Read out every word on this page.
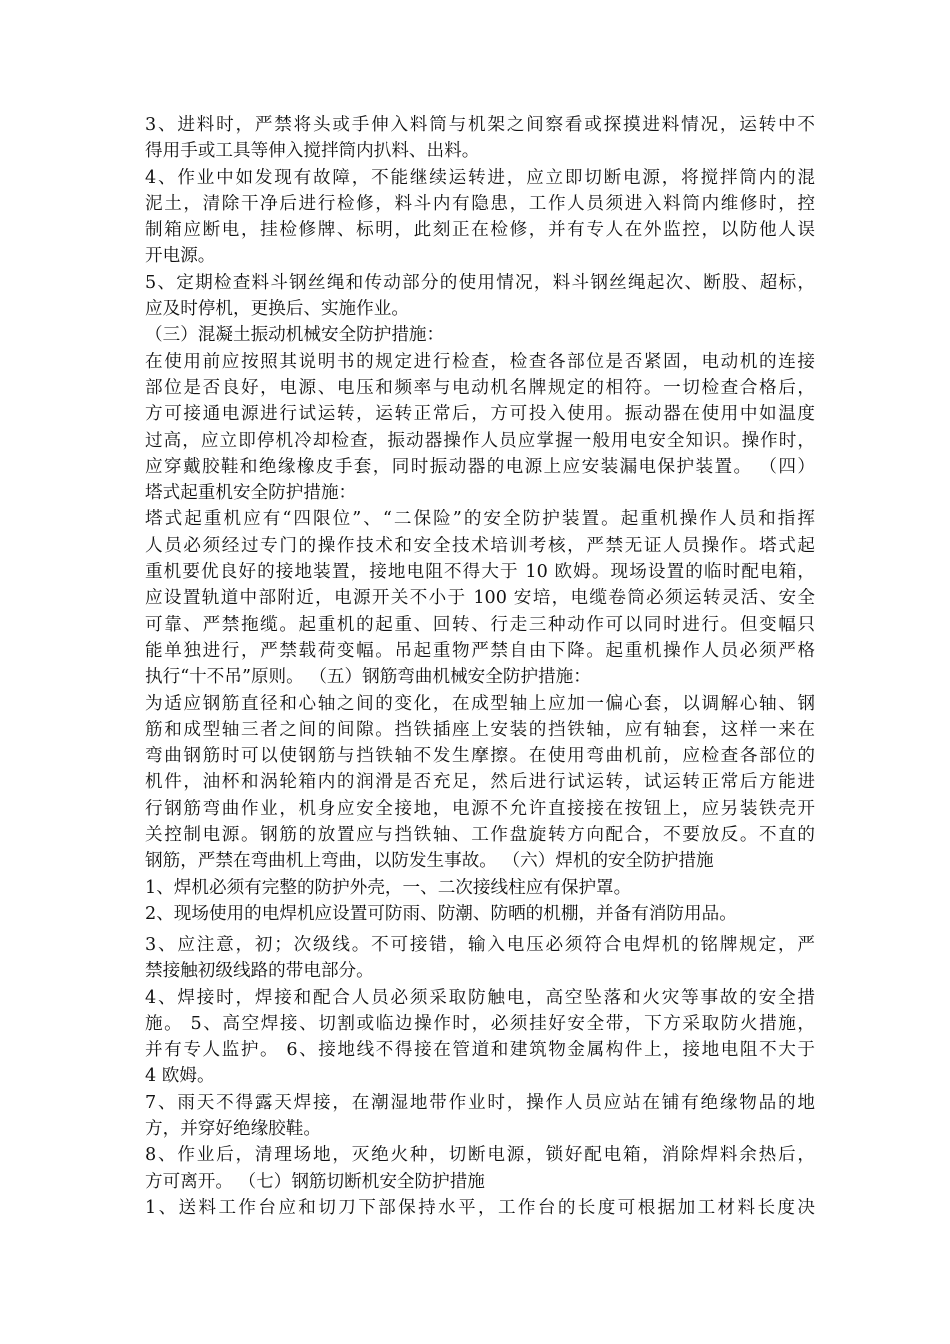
3、进料时，严禁将头或手伸入料筒与机架之间察看或探摸进料情况，运转中不
得用手或工具等伸入搅拌筒内扒料、出料。
4、作业中如发现有故障，不能继续运转进，应立即切断电源，将搅拌筒内的混
泥土，清除干净后进行检修，料斗内有隐患，工作人员须进入料筒内维修时，控
制箱应断电，挂检修牌、标明，此刻正在检修，并有专人在外监控，以防他人误
开电源。
5、定期检查料斗钢丝绳和传动部分的使用情况，料斗钢丝绳起次、断股、超标，
应及时停机，更换后、实施作业。
（三）混凝土振动机械安全防护措施：
在使用前应按照其说明书的规定进行检查，检查各部位是否紧固，电动机的连接
部位是否良好，电源、电压和频率与电动机名牌规定的相符。一切检查合格后，
方可接通电源进行试运转，运转正常后，方可投入使用。振动器在使用中如温度
过高，应立即停机冷却检查，振动器操作人员应掌握一般用电安全知识。操作时，
应穿戴胶鞋和绝缘橡皮手套，同时振动器的电源上应安装漏电保护装置。 （四）
塔式起重机安全防护措施：
塔式起重机应有“四限位”、“二保险”的安全防护装置。起重机操作人员和指挥
人员必须经过专门的操作技术和安全技术培训考核，严禁无证人员操作。塔式起
重机要优良好的接地装置，接地电阻不得大于 10 欧姆。现场设置的临时配电箱，
应设置轨道中部附近，电源开关不小于 100 安培，电缆卷筒必须运转灵活、安全
可靠、严禁拖缆。起重机的起重、回转、行走三种动作可以同时进行。但变幅只
能单独进行，严禁载荷变幅。吊起重物严禁自由下降。起重机操作人员必须严格
执行“十不吊”原则。 （五）钢筋弯曲机械安全防护措施：
为适应钢筋直径和心轴之间的变化，在成型轴上应加一偏心套，以调解心轴、钢
筋和成型轴三者之间的间隙。挡铁插座上安装的挡铁轴，应有轴套，这样一来在
弯曲钢筋时可以使钢筋与挡铁轴不发生摩擦。在使用弯曲机前，应检查各部位的
机件，油杯和涡轮箱内的润滑是否充足，然后进行试运转，试运转正常后方能进
行钢筋弯曲作业，机身应安全接地，电源不允许直接接在按钮上，应另装铁壳开
关控制电源。钢筋的放置应与挡铁轴、工作盘旋转方向配合，不要放反。不直的
钢筋，严禁在弯曲机上弯曲，以防发生事故。 （六）焊机的安全防护措施
1、焊机必须有完整的防护外壳，一、二次接线柱应有保护罩。
2、现场使用的电焊机应设置可防雨、防潮、防晒的机棚，并备有消防用品。
3、应注意，初；次级线。不可接错，输入电压必须符合电焊机的铭牌规定，严
禁接触初级线路的带电部分。
4、焊接时，焊接和配合人员必须采取防触电，高空坠落和火灾等事故的安全措
施。 5、高空焊接、切割或临边操作时，必须挂好安全带，下方采取防火措施，
并有专人监护。 6、接地线不得接在管道和建筑物金属构件上，接地电阻不大于
4 欧姆。
7、雨天不得露天焊接，在潮湿地带作业时，操作人员应站在铺有绝缘物品的地
方，并穿好绝缘胶鞋。
8、作业后，清理场地，灭绝火种，切断电源，锁好配电箱，消除焊料余热后，
方可离开。 （七）钢筋切断机安全防护措施
1、送料工作台应和切刀下部保持水平，工作台的长度可根据加工材料长度决
